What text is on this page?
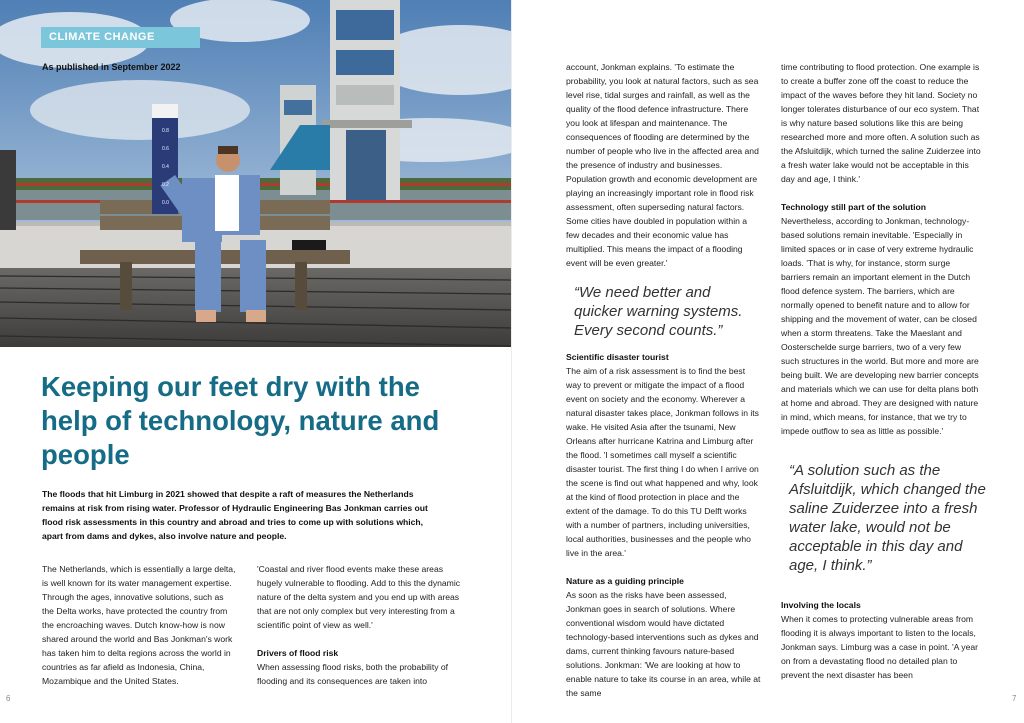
0.8
0.6
0.4
0.2
0.0
CLIMATE CHANGE
As published in September 2022
Keeping our feet dry with the help of technology, nature and people

The floods that hit Limburg in 2021 showed that despite a raft of measures the Netherlands remains at risk from rising water. Professor of Hydraulic Engineering Bas Jonkman carries out flood risk assessments in this country and abroad and tries to come up with solutions which, apart from dams and dykes, also involve nature and people.

The Netherlands, which is essentially a large delta, is well known for its water management expertise. Through the ages, innovative solutions, such as the Delta works, have protected the country from the encroaching waves. Dutch know-how is now shared around the world and Bas Jonkman's work has taken him to delta regions across the world in countries as far afield as Indonesia, China, Mozambique and the United States.

'Coastal and river flood events make these areas hugely vulnerable to flooding. Add to this the dynamic nature of the delta system and you end up with areas that are not only complex but very interesting from a scientific point of view as well.'

Drivers of flood risk

When assessing flood risks, both the probability of flooding and its consequences are taken into

6

account, Jonkman explains. 'To estimate the probability, you look at natural factors, such as sea level rise, tidal surges and rainfall, as well as the quality of the flood defence infrastructure. There you look at lifespan and maintenance. The consequences of flooding are determined by the number of people who live in the affected area and the presence of industry and businesses. Population growth and economic development are playing an increasingly important role in flood risk assessment, often superseding natural factors. Some cities have doubled in population within a few decades and their economic value has multiplied. This means the impact of a flooding event will be even greater.'

“We need better and quicker warning systems. Every second counts.”

Scientific disaster tourist

The aim of a risk assessment is to find the best way to prevent or mitigate the impact of a flood event on society and the economy. Wherever a natural disaster takes place, Jonkman follows in its wake. He visited Asia after the tsunami, New Orleans after hurricane Katrina and Limburg after the flood. 'I sometimes call myself a scientific disaster tourist. The first thing I do when I arrive on the scene is find out what happened and why, look at the kind of flood protection in place and the extent of the damage. To do this TU Delft works with a number of partners, including universities, local authorities, businesses and the people who live in the area.'

Nature as a guiding principle

As soon as the risks have been assessed, Jonkman goes in search of solutions. Where conventional wisdom would have dictated technology-based interventions such as dykes and dams, current thinking favours nature-based solutions. Jonkman: 'We are looking at how to enable nature to take its course in an area, while at the same

time contributing to flood protection. One example is to create a buffer zone off the coast to reduce the impact of the waves before they hit land. Society no longer tolerates disturbance of our eco system. That is why nature based solutions like this are being researched more and more often. A solution such as the Afsluitdijk, which turned the saline Zuiderzee into a fresh water lake would not be acceptable in this day and age, I think.'

Technology still part of the solution

Nevertheless, according to Jonkman, technology-based solutions remain inevitable. 'Especially in limited spaces or in case of very extreme hydraulic loads. 'That is why, for instance, storm surge barriers remain an important element in the Dutch flood defence system. The barriers, which are normally opened to benefit nature and to allow for shipping and the movement of water, can be closed when a storm threatens. Take the Maeslant and Oosterschelde surge barriers, two of a very few such structures in the world. But more and more are being built. We are developing new barrier concepts and materials which we can use for delta plans both at home and abroad. They are designed with nature in mind, which means, for instance, that we try to impede outflow to sea as little as possible.'

“A solution such as the Afsluitdijk, which changed the saline Zuiderzee into a fresh water lake, would not be acceptable in this day and age, I think.”

Involving the locals

When it comes to protecting vulnerable areas from flooding it is always important to listen to the locals, Jonkman says. Limburg was a case in point. 'A year on from a devastating flood no detailed plan to prevent the next disaster has been

7
